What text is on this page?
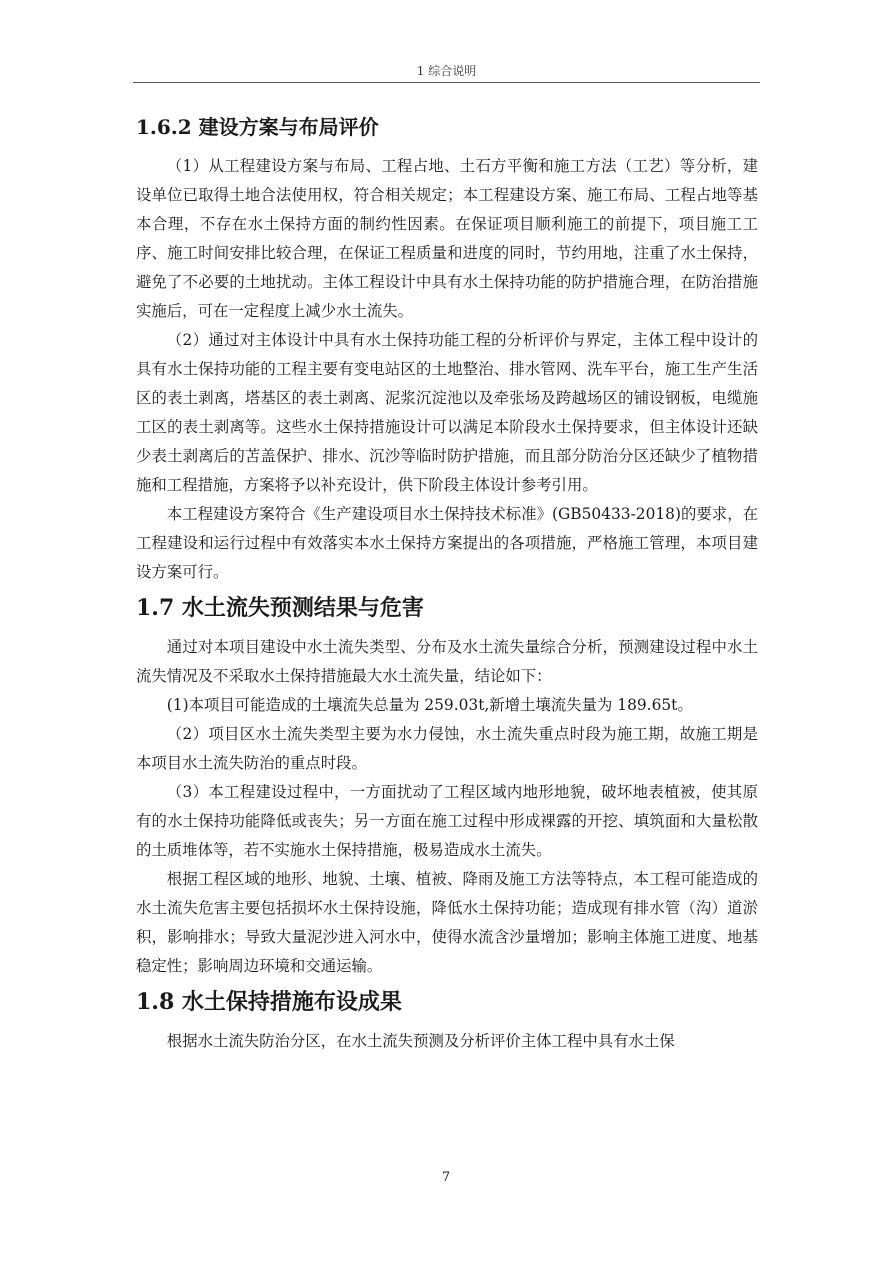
1 综合说明
1.6.2 建设方案与布局评价

（1）从工程建设方案与布局、工程占地、土石方平衡和施工方法（工艺）等分析，建设单位已取得土地合法使用权，符合相关规定；本工程建设方案、施工布局、工程占地等基本合理，不存在水土保持方面的制约性因素。在保证项目顺利施工的前提下，项目施工工序、施工时间安排比较合理，在保证工程质量和进度的同时，节约用地，注重了水土保持，避免了不必要的土地扰动。主体工程设计中具有水土保持功能的防护措施合理，在防治措施实施后，可在一定程度上减少水土流失。

（2）通过对主体设计中具有水土保持功能工程的分析评价与界定，主体工程中设计的具有水土保持功能的工程主要有变电站区的土地整治、排水管网、洗车平台，施工生产生活区的表土剥离，塔基区的表土剥离、泥浆沉淀池以及牵张场及跨越场区的铺设钢板，电缆施工区的表土剥离等。这些水土保持措施设计可以满足本阶段水土保持要求，但主体设计还缺少表土剥离后的苫盖保护、排水、沉沙等临时防护措施，而且部分防治分区还缺少了植物措施和工程措施，方案将予以补充设计，供下阶段主体设计参考引用。

本工程建设方案符合《生产建设项目水土保持技术标准》(GB50433-2018)的要求，在工程建设和运行过程中有效落实本水土保持方案提出的各项措施，严格施工管理，本项目建设方案可行。

1.7 水土流失预测结果与危害

通过对本项目建设中水土流失类型、分布及水土流失量综合分析，预测建设过程中水土流失情况及不采取水土保持措施最大水土流失量，结论如下：

(1)本项目可能造成的土壤流失总量为 259.03t,新增土壤流失量为 189.65t。

（2）项目区水土流失类型主要为水力侵蚀，水土流失重点时段为施工期，故施工期是本项目水土流失防治的重点时段。

（3）本工程建设过程中，一方面扰动了工程区域内地形地貌，破坏地表植被，使其原有的水土保持功能降低或丧失；另一方面在施工过程中形成裸露的开挖、填筑面和大量松散的土质堆体等，若不实施水土保持措施，极易造成水土流失。

根据工程区域的地形、地貌、土壤、植被、降雨及施工方法等特点，本工程可能造成的水土流失危害主要包括损坏水土保持设施，降低水土保持功能；造成现有排水管（沟）道淤积，影响排水；导致大量泥沙进入河水中，使得水流含沙量增加；影响主体施工进度、地基稳定性；影响周边环境和交通运输。

1.8 水土保持措施布设成果

根据水土流失防治分区，在水土流失预测及分析评价主体工程中具有水土保

7
